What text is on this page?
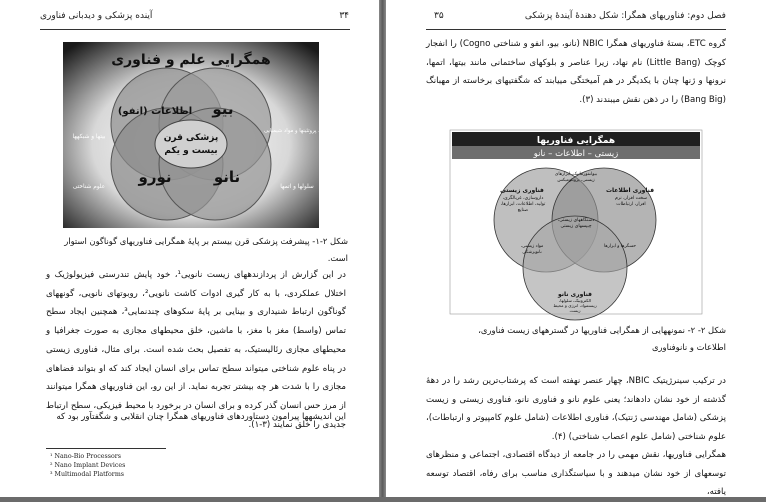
آینده پزشکی و دیدبانی فناوری	۳۴
همگرایی علم و فناوری
بیو
اطلاعات (انفو)
نانو
نورو
پزشکی قرن
بیست و یکم
بیتها و شبکهها
ژنها، پروتئینها و مواد شیمیایی
علوم شناختی	سلولها و اتمها
شکل ۲-۱- پیشرفت پزشکی قرن بیستم بر پایهٔ همگرایی فناوریهای گوناگون استوار است.
در این گزارش از پردازندههای زیست نانویی¹، خود پایش تندرستی فیزیولوژیک و اختلال عملکردی، با به کار گیری ادوات کاشت نانویی²، روبوتهای نانویی، گونههای گوناگون ارتباط شنیداری و بینایی بر پایهٔ سکوهای چندنمایی³، همچنین ایجاد سطح تماس (واسط) مغز با مغز، با ماشین، خلق محیطهای مجازی به صورت جغرافیا و محیطهای مجازی رئالیستیک، به تفصیل بحث شده است. برای مثال، فناوری زیستی در پناه علوم شناختی میتواند سطح تماس برای انسان ایجاد کند که او بتواند فضاهای مجازی را با شدت هر چه بیشتر تجربه نماید. از این رو، این فناوریهای همگرا میتوانند از مرز حس انسان گذر کرده و برای انسان در برخورد با محیط فیزیکی، سطح ارتباط جدیدی را خلق نمایند (۳-۱).
این اندیشهها پیرامون دستاوردهای فناوریهای همگرا چنان انقلابی و شگفتآور بود که
¹ Nano-Bio Processors
² Nano Implant Devices
³ Multimodal Platforms
۳۵	فصل دوم: فناوریهای همگرا: شکل دهندهٔ آیندهٔ پزشکی
گروه ETC، بستهٔ فناوریهای همگرا NBIC (نانو، بیو، انفو و شناختی Cogno) را انفجار کوچک (Little Bang) نام نهاد، زیرا عناصر و بلوکهای ساختمانی مانند بیتها، اتمها، نرونها و ژنها چنان با یکدیگر در هم آمیختگی مییابند که شگفتیهای برخاسته از مهبانگ (Bang Big) را در ذهن نقش میبندند (۳).
همگرایی فناوریها
زیستی – اطلاعات – نانو
فناوری زیستی	فناوری اطلاعات
فناوری نانو
داروسازی، غربالگری، تولید، اطلاعات، ابزارها، صنایع
سخت افزار، نرم افزار، ارتباطات
الکترونیک، سلولها، زیستمواد، انرژی و محیط زیست
بیوانفورماتیک، ابزارهای زیستی، پروتئومیکس
مواد زیستی، نانوپزشکی
حسگرها و ابزارها
دستگاههای زیستی، چیپسهای زیستی
شکل ۲- ۲- نمونههایی از همگرایی فناوریها در گسترههای زیست فناوری،
اطلاعات و نانوفناوری
در ترکیب سینرژیتیک NBIC، چهار عنصر نهفته است که پرشتاب‌ترین رشد را در دههٔ گذشته از خود نشان دادهاند؛ یعنی علوم نانو و فناوری نانو، فناوری زیستی و زیست پزشکی (شامل مهندسی ژنتیک)، فناوری اطلاعات (شامل علوم کامپیوتر و ارتباطات)، علوم شناختی (شامل علوم اعصاب شناختی) (۴).
همگرایی فناوریها، نقش مهمی را در جامعه از دیدگاه اقتصادی، اجتماعی و منظرهای توسعهای از خود نشان میدهند و با سیاستگذاری مناسب برای رفاه، اقتصاد توسعه یافته،
